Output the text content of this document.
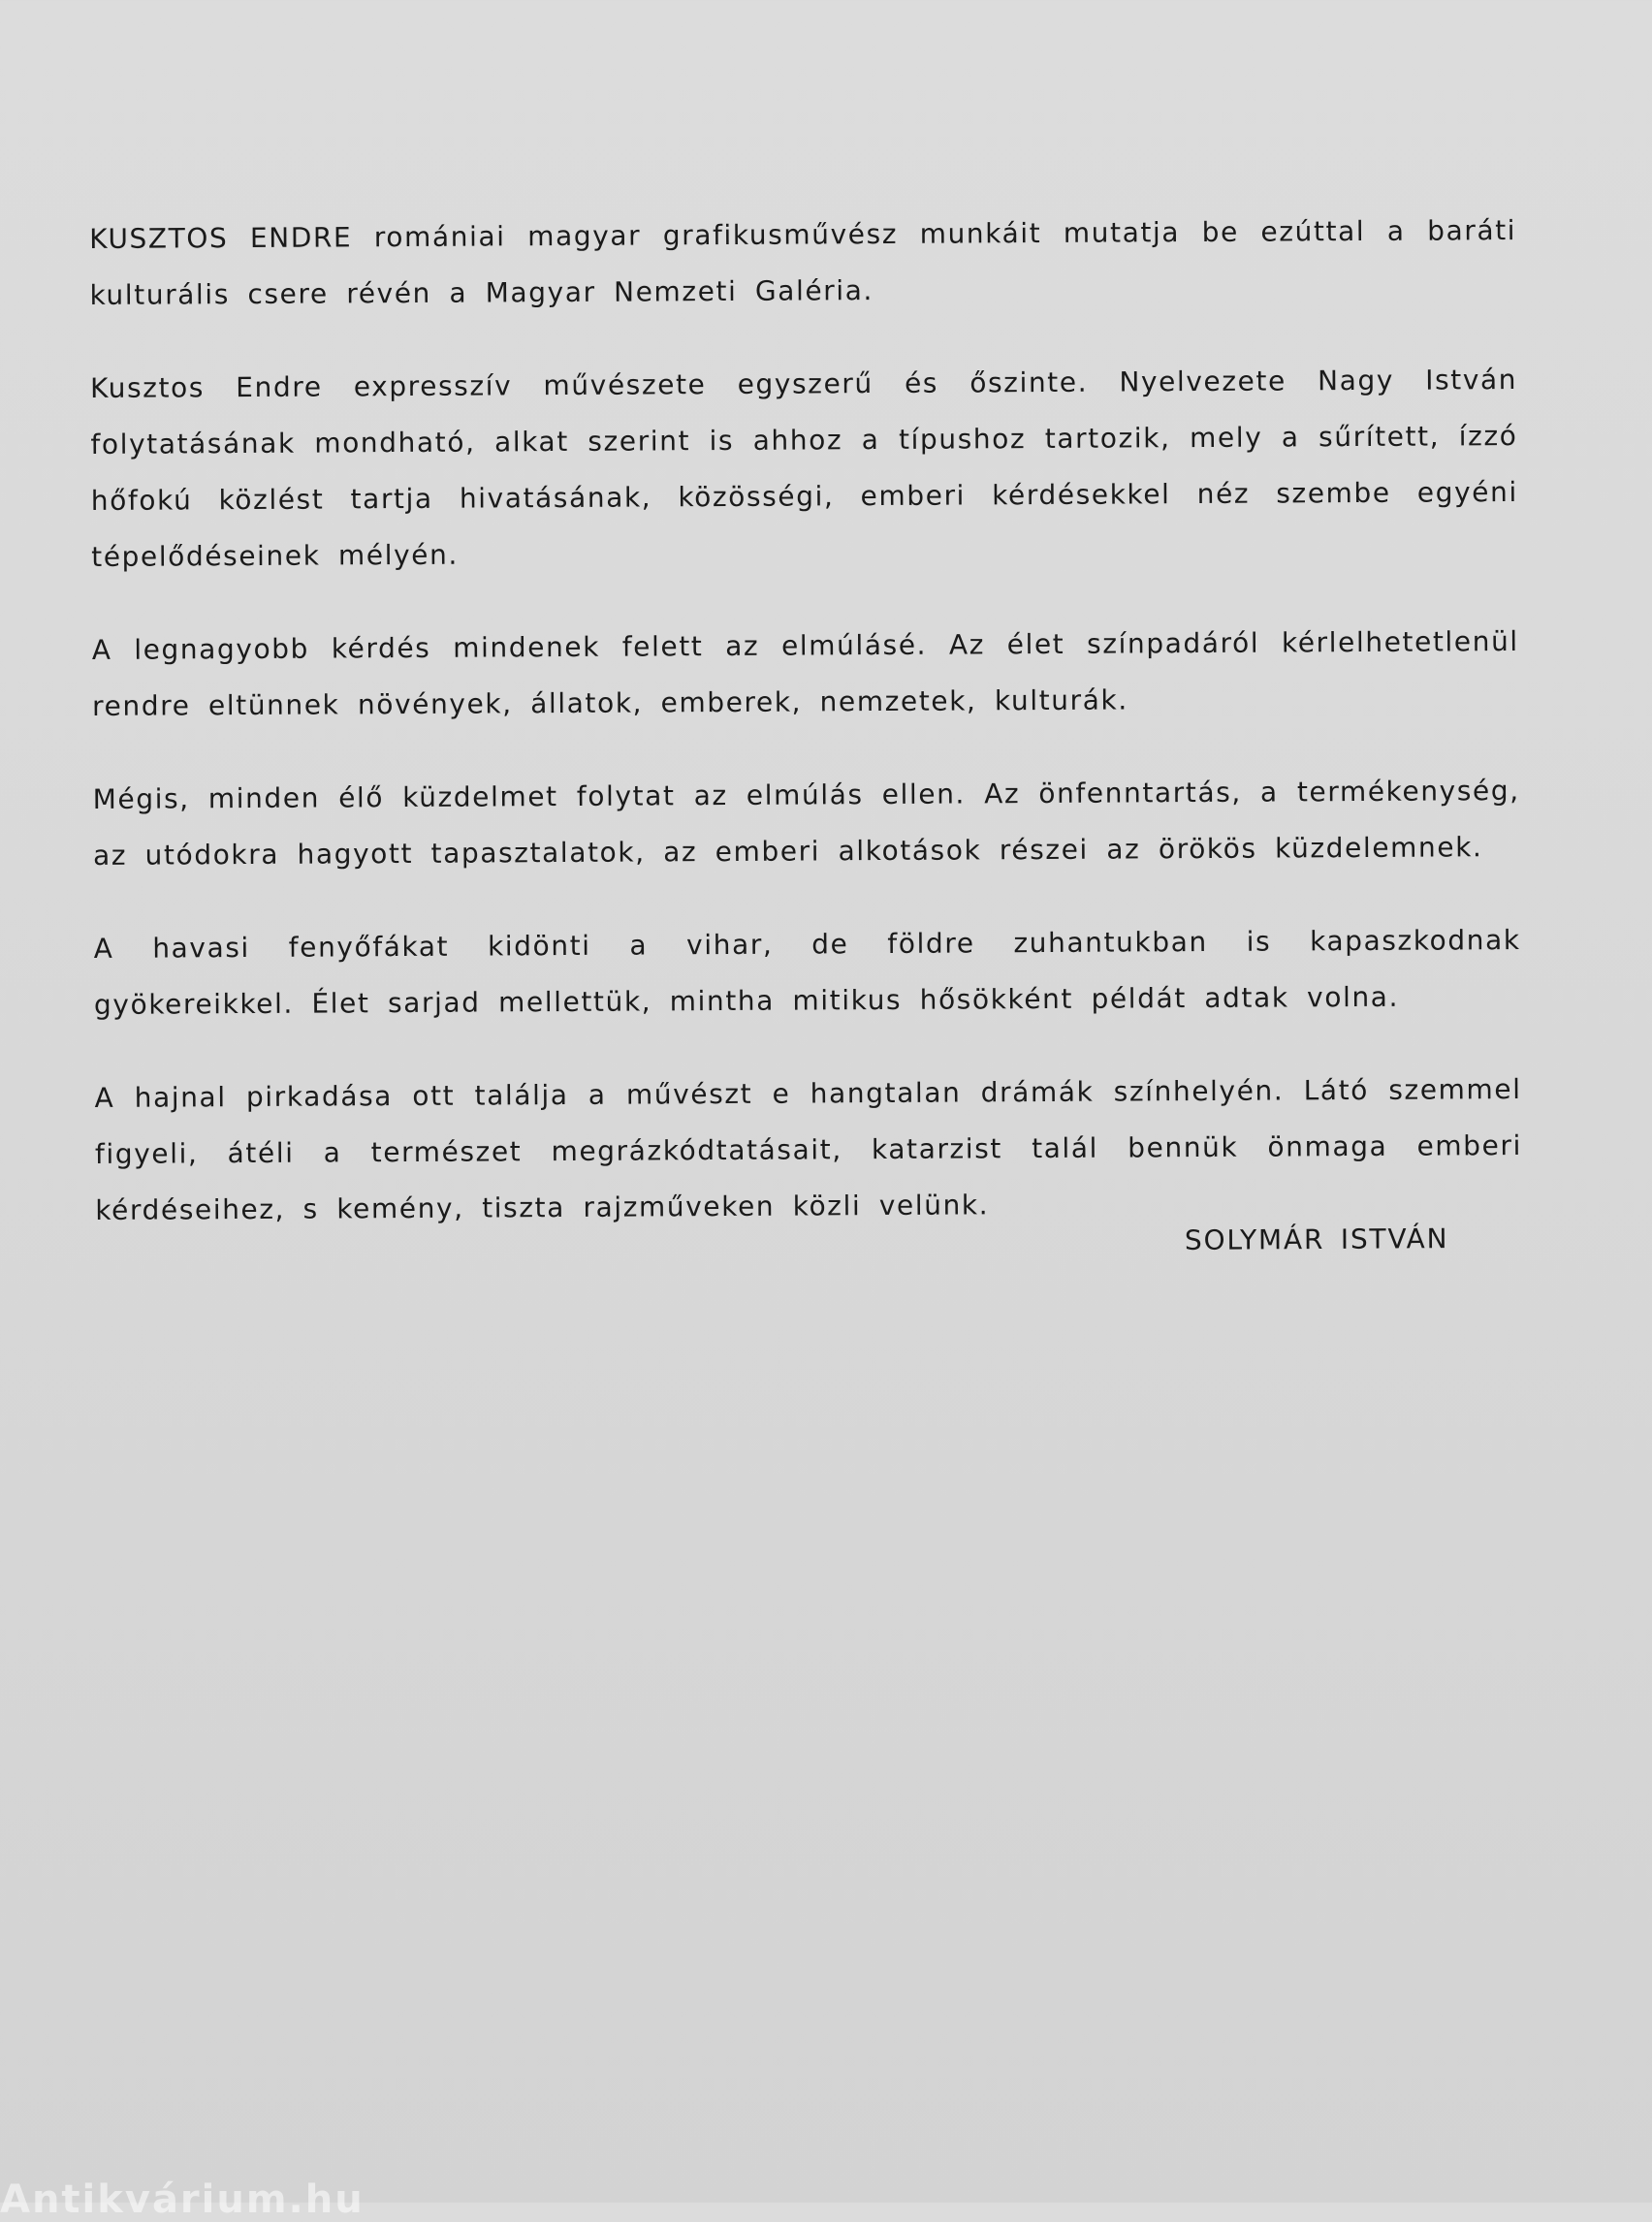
KUSZTOS ENDRE romániai magyar grafikusművész munkáit mutatja be ezúttal a baráti kulturális csere révén a Magyar Nemzeti Galéria.

Kusztos Endre expresszív művészete egyszerű és őszinte. Nyelvezete Nagy István folytatásának mondható, alkat szerint is ahhoz a típushoz tartozik, mely a sűrített, ízzó hőfokú közlést tartja hivatásának, közösségi, emberi kérdésekkel néz szembe egyéni tépelődéseinek mélyén.

A legnagyobb kérdés mindenek felett az elmúlásé. Az élet színpadáról kérlelhetetlenül rendre eltünnek növények, állatok, emberek, nemzetek, kulturák.

Mégis, minden élő küzdelmet folytat az elmúlás ellen. Az önfenntartás, a termékenység, az utódokra hagyott tapasztalatok, az emberi alkotások részei az örökös küzdelemnek.

A havasi fenyőfákat kidönti a vihar, de földre zuhantukban is kapaszkodnak gyökereikkel. Élet sarjad mellettük, mintha mitikus hősökként példát adtak volna.

A hajnal pirkadása ott találja a művészt e hangtalan drámák színhelyén. Látó szemmel figyeli, átéli a természet megrázkódtatásait, katarzist talál bennük önmaga emberi kérdéseihez, s kemény, tiszta rajzműveken közli velünk.

SOLYMÁR ISTVÁN
Antikvárium.hu
